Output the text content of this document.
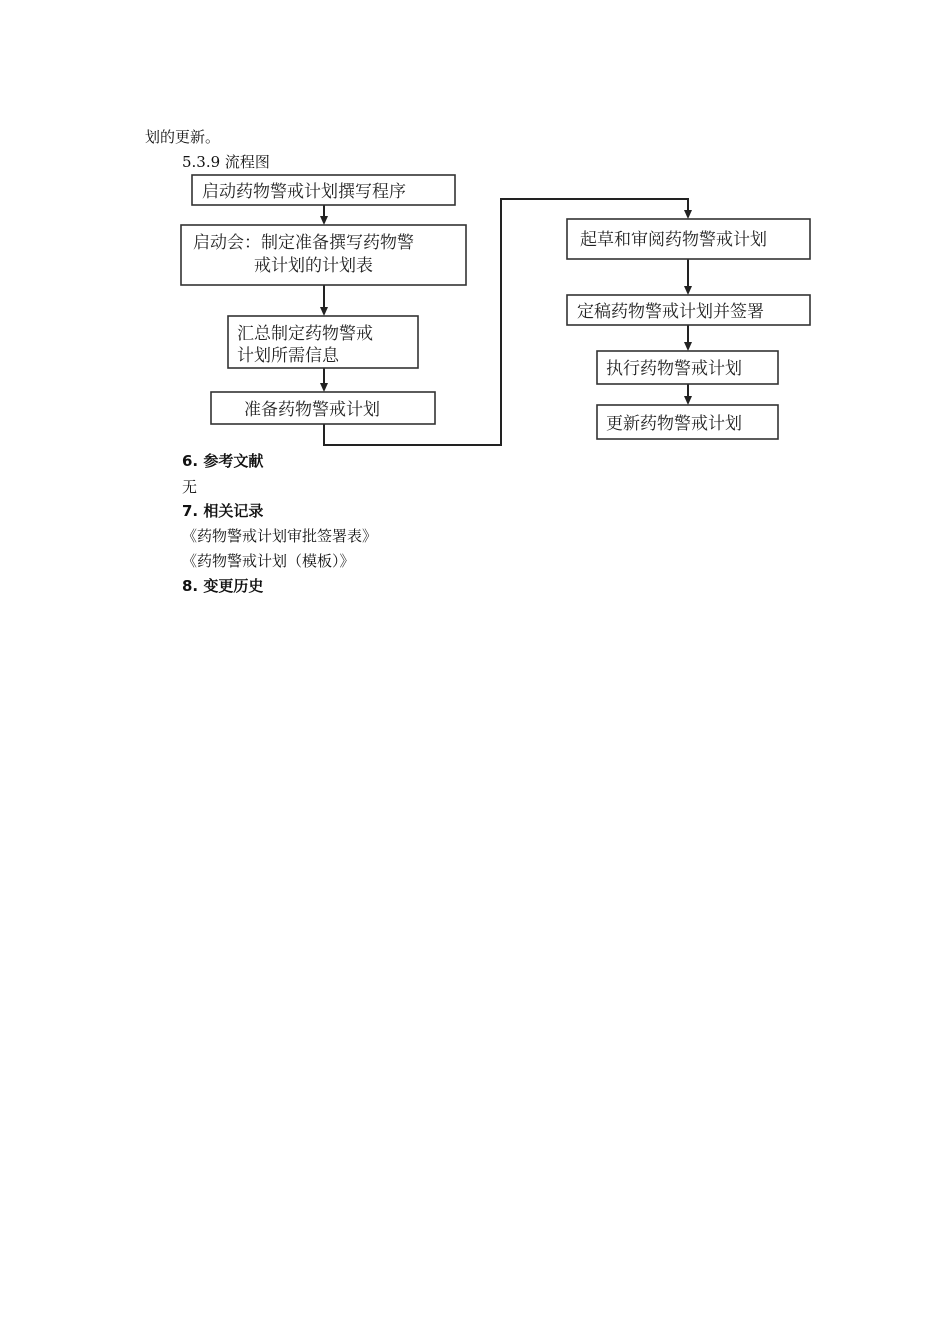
划的更新。
5.3.9 流程图
启动药物警戒计划撰写程序
启动会：制定准备撰写药物警
戒计划的计划表
汇总制定药物警戒
计划所需信息
准备药物警戒计划
起草和审阅药物警戒计划
定稿药物警戒计划并签署
执行药物警戒计划
更新药物警戒计划
6. 参考文献
无
7. 相关记录
《药物警戒计划审批签署表》
《药物警戒计划（模板）》
8. 变更历史
